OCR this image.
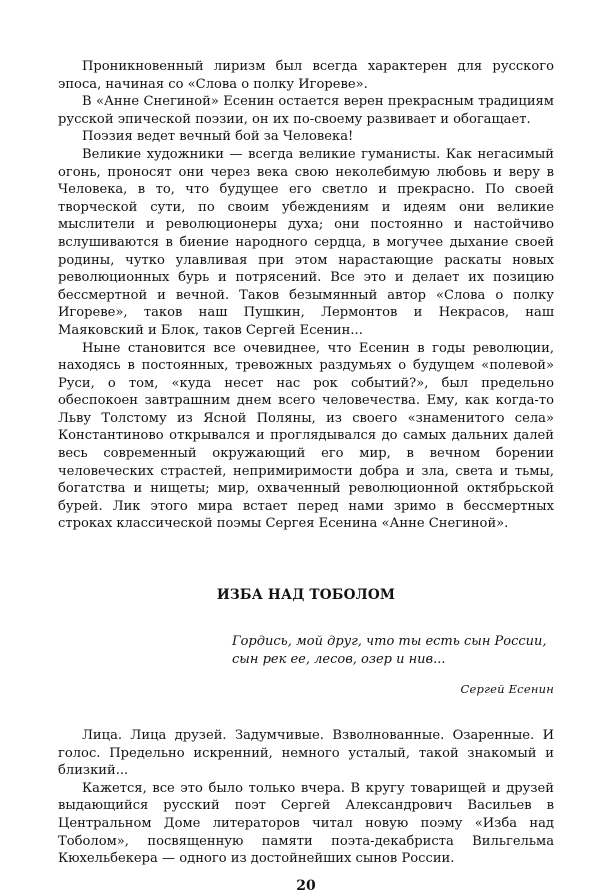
Проникновенный лиризм был всегда характерен для русского эпоса, начиная со «Слова о полку Игореве».

В «Анне Снегиной» Есенин остается верен прекрасным традициям русской эпической поэзии, он их по-своему развивает и обогащает.

Поэзия ведет вечный бой за Человека!

Великие художники — всегда великие гуманисты. Как негасимый огонь, проносят они через века свою неколебимую любовь и веру в Человека, в то, что будущее его светло и прекрасно. По своей творческой сути, по своим убеждениям и идеям они великие мыслители и революционеры духа; они постоянно и настойчиво вслушиваются в биение народного сердца, в могучее дыхание своей родины, чутко улавливая при этом нарастающие раскаты новых революционных бурь и потрясений. Все это и делает их позицию бессмертной и вечной. Таков безымянный автор «Слова о полку Игореве», таков наш Пушкин, Лермонтов и Некрасов, наш Маяковский и Блок, таков Сергей Есенин...

Ныне становится все очевиднее, что Есенин в годы революции, находясь в постоянных, тревожных раздумьях о будущем «полевой» Руси, о том, «куда несет нас рок событий?», был предельно обеспокоен завтрашним днем всего человечества. Ему, как когда-то Льву Толстому из Ясной Поляны, из своего «знаменитого села» Константиново открывался и проглядывался до самых дальних далей весь современный окружающий его мир, в вечном борении человеческих страстей, непримиримости добра и зла, света и тьмы, богатства и нищеты; мир, охваченный революционной октябрьской бурей. Лик этого мира встает перед нами зримо в бессмертных строках классической поэмы Сергея Есенина «Анне Снегиной».

ИЗБА НАД ТОБОЛОМ
Гордись, мой друг, что ты есть сын России,
сын рек ее, лесов, озер и нив...
Сергей Есенин

Лица. Лица друзей. Задумчивые. Взволнованные. Озаренные. И голос. Предельно искренний, немного усталый, такой знакомый и близкий...

Кажется, все это было только вчера. В кругу товарищей и друзей выдающийся русский поэт Сергей Александрович Васильев в Центральном Доме литераторов читал новую поэму «Изба над Тоболом», посвященную памяти поэта-декабриста Вильгельма Кюхельбекера — одного из достойнейших сынов России.

20
